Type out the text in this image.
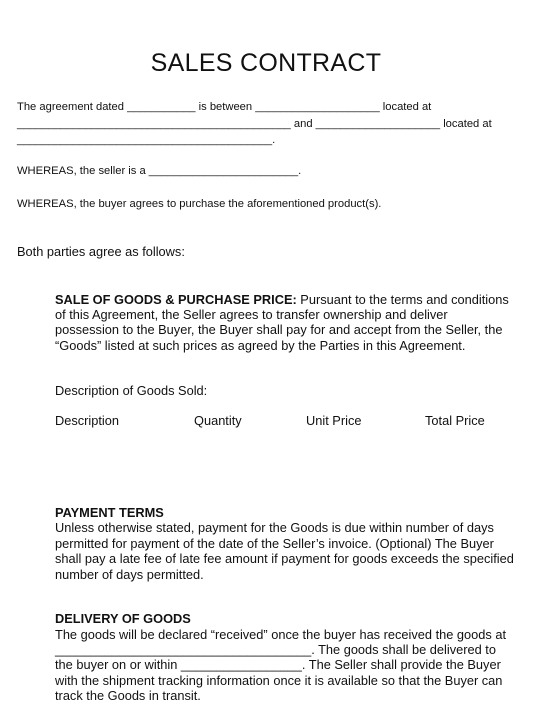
SALES CONTRACT
The agreement dated ___________ is between ____________________ located at
____________________________________________ and ____________________ located at
_________________________________________.
WHEREAS, the seller is a ________________________.
WHEREAS, the buyer agrees to purchase the aforementioned product(s).
Both parties agree as follows:
SALE OF GOODS & PURCHASE PRICE: Pursuant to the terms and conditions
of this Agreement, the Seller agrees to transfer ownership and deliver
possession to the Buyer, the Buyer shall pay for and accept from the Seller, the
“Goods” listed at such prices as agreed by the Parties in this Agreement.
Description of Goods Sold:
Description	Quantity	Unit Price	Total Price
PAYMENT TERMS
Unless otherwise stated, payment for the Goods is due within number of days
permitted for payment of the date of the Seller’s invoice. (Optional) The Buyer
shall pay a late fee of late fee amount if payment for goods exceeds the specified
number of days permitted.
DELIVERY OF GOODS
The goods will be declared “received” once the buyer has received the goods at
____________________________________. The goods shall be delivered to
the buyer on or within _________________. The Seller shall provide the Buyer
with the shipment tracking information once it is available so that the Buyer can
track the Goods in transit.
